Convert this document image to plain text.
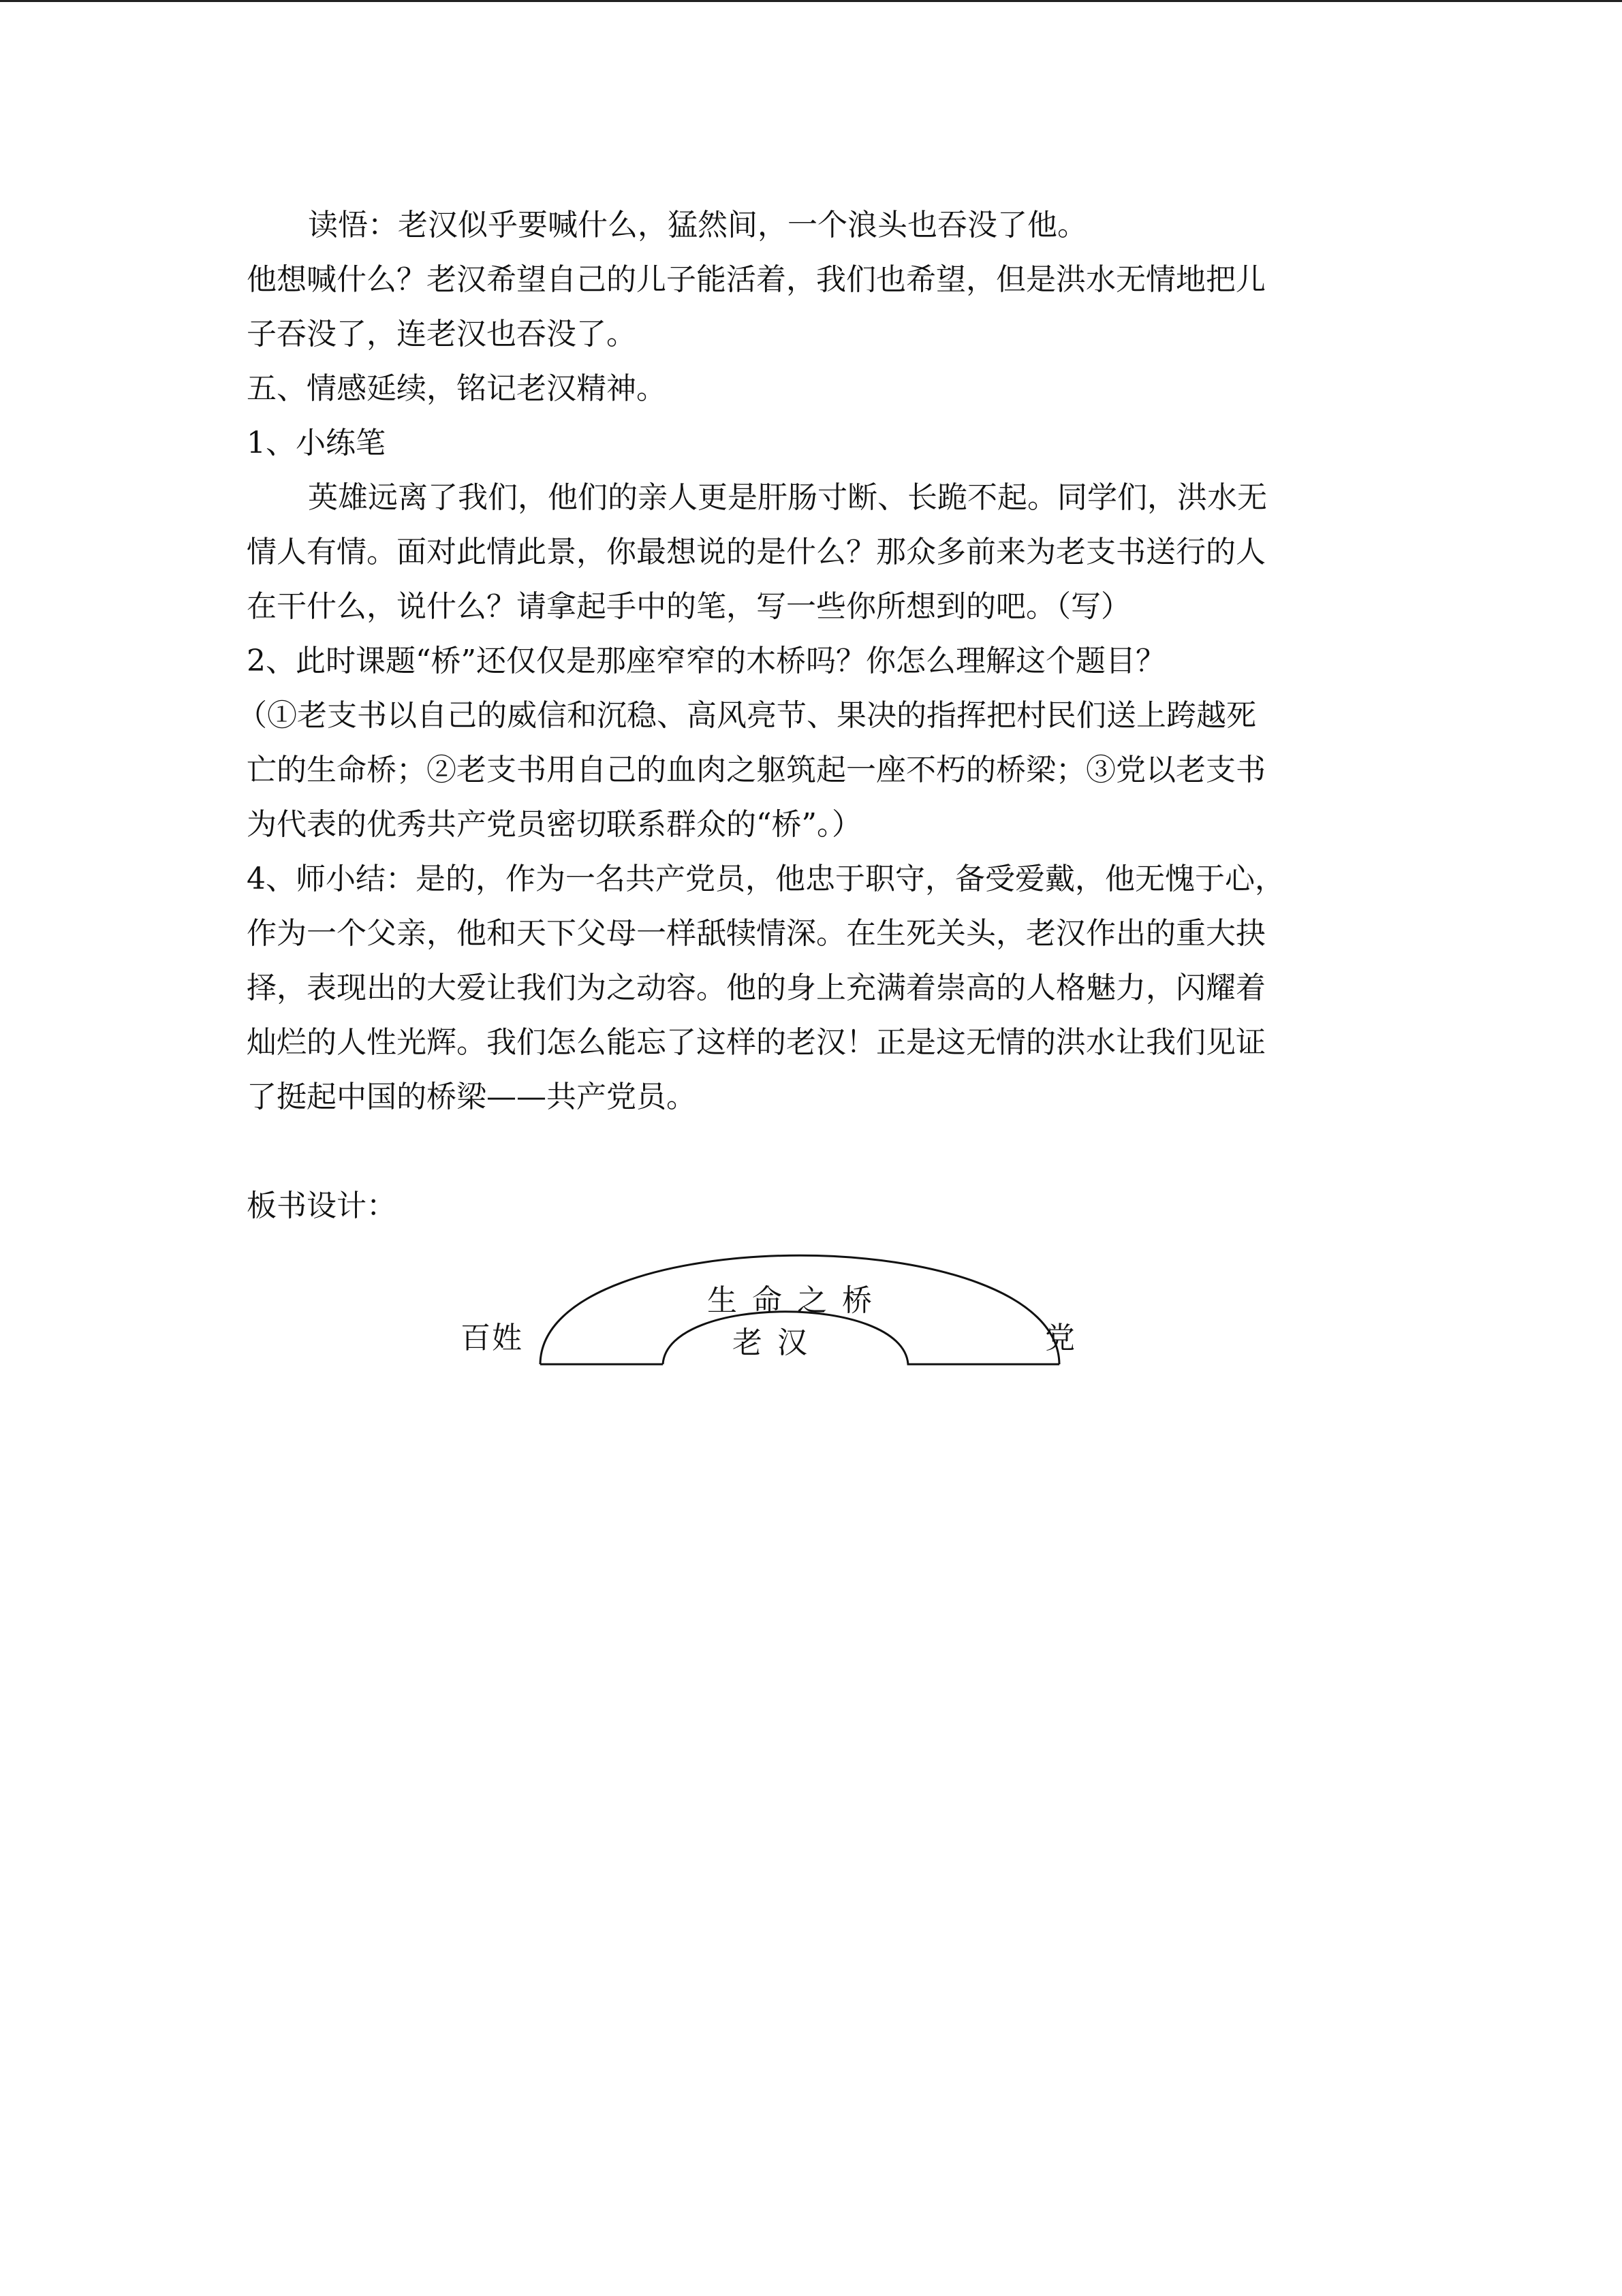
读悟：老汉似乎要喊什么，猛然间，一个浪头也吞没了他。

他想喊什么？老汉希望自己的儿子能活着，我们也希望，但是洪水无情地把儿

子吞没了，连老汉也吞没了。

五、情感延续，铭记老汉精神。

1、小练笔

英雄远离了我们，他们的亲人更是肝肠寸断、长跪不起。同学们，洪水无

情人有情。面对此情此景，你最想说的是什么？那众多前来为老支书送行的人

在干什么，说什么？请拿起手中的笔，写一些你所想到的吧。（写）

2、此时课题“桥”还仅仅是那座窄窄的木桥吗？你怎么理解这个题目？

（①老支书以自己的威信和沉稳、高风亮节、果决的指挥把村民们送上跨越死

亡的生命桥；②老支书用自己的血肉之躯筑起一座不朽的桥梁；③党以老支书

为代表的优秀共产党员密切联系群众的“桥”。）

4、师小结：是的，作为一名共产党员，他忠于职守，备受爱戴，他无愧于心，

作为一个父亲，他和天下父母一样舐犊情深。在生死关头，老汉作出的重大抉

择，表现出的大爱让我们为之动容。他的身上充满着崇高的人格魅力，闪耀着

灿烂的人性光辉。我们怎么能忘了这样的老汉！正是这无情的洪水让我们见证

了挺起中国的桥梁——共产党员。

板书设计：

百姓	党
生命之桥
老汉
